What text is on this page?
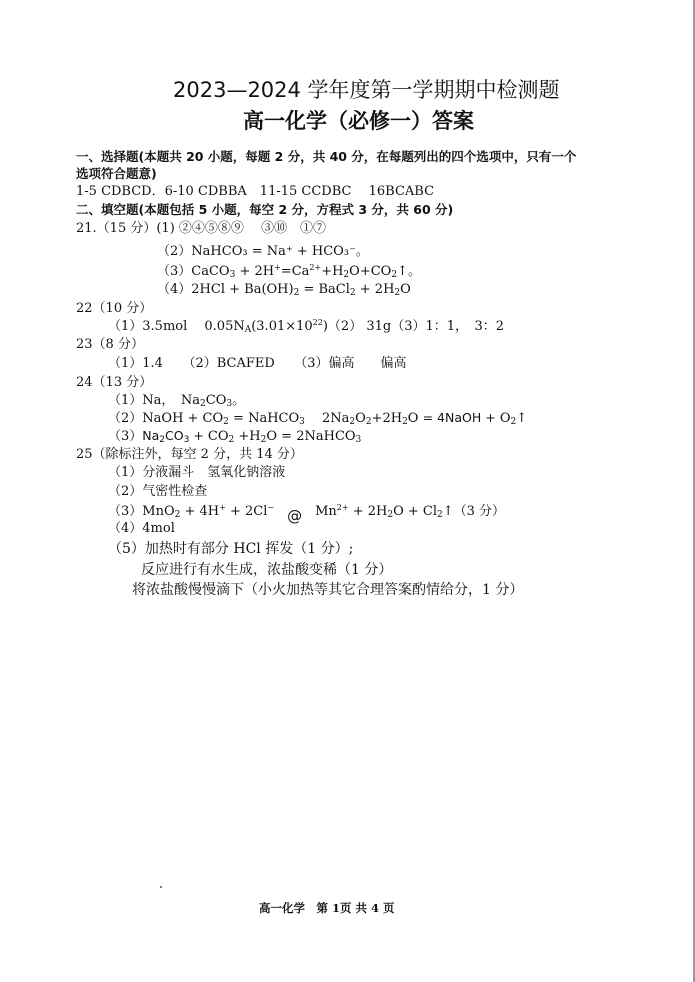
2023—2024 学年度第一学期期中检测题
高一化学（必修一）答案
一、选择题(本题共 20 小题，每题 2 分，共 40 分，在每题列出的四个选项中，只有一个
选项符合题意)
1-5 CDBCD．6-10 CDBBA　11-15 CCDBC　 16BCABC
二、填空题(本题包括 5 小题，每空 2 分，方程式 3 分，共 60 分)
21.（15 分）(1) ②④⑤⑧⑨　 ③⑩　①⑦
（2）NaHCO₃ = Na⁺ + HCO₃⁻。
（3）CaCO$_3$ + $2H^+=Ca^{2+}+H_2O+CO_2↑$。
$(4)2HCl + Ba(OH)_2$ = BaCl$_2$ + $2H_2O$
22（10 分）
（1）3.5mol　 $0.05N_A(3.01\times 10^{22})(2)$ 31g（3）1：1，　3：2
23（8 分）
（1）1.4　　（2）BCAFED　　（3）偏高　　偏高
24（13 分）
（1）Na，　$Na_2CO_3$。
（2）NaOH + $CO_2$ = NaHCO$_3$　 $2Na_2O_2+2H_2O$ = 4NaOH + $O_2↑$
$(3)Na_2CO_3 + CO_2 +H_2O$ = 2NaHCO$_3$
25（除标注外，每空 2 分，共 14 分）
（1）分液漏斗　氢氧化钠溶液
（2）气密性检查
（3）MnO$_2$ + 4H+ + 2Cl−　 @　$Mn^{2+} + 2H_2O$ + $Cl_2↑(3$ 分）
（4）4mol
（5）加热时有部分 HCl 挥发（1 分）;
反应进行有水生成，浓盐酸变稀（1 分）
将浓盐酸慢慢滴下（小火加热等其它合理答案酌情给分，1 分）
高一化学　第 1页 共 4 页
